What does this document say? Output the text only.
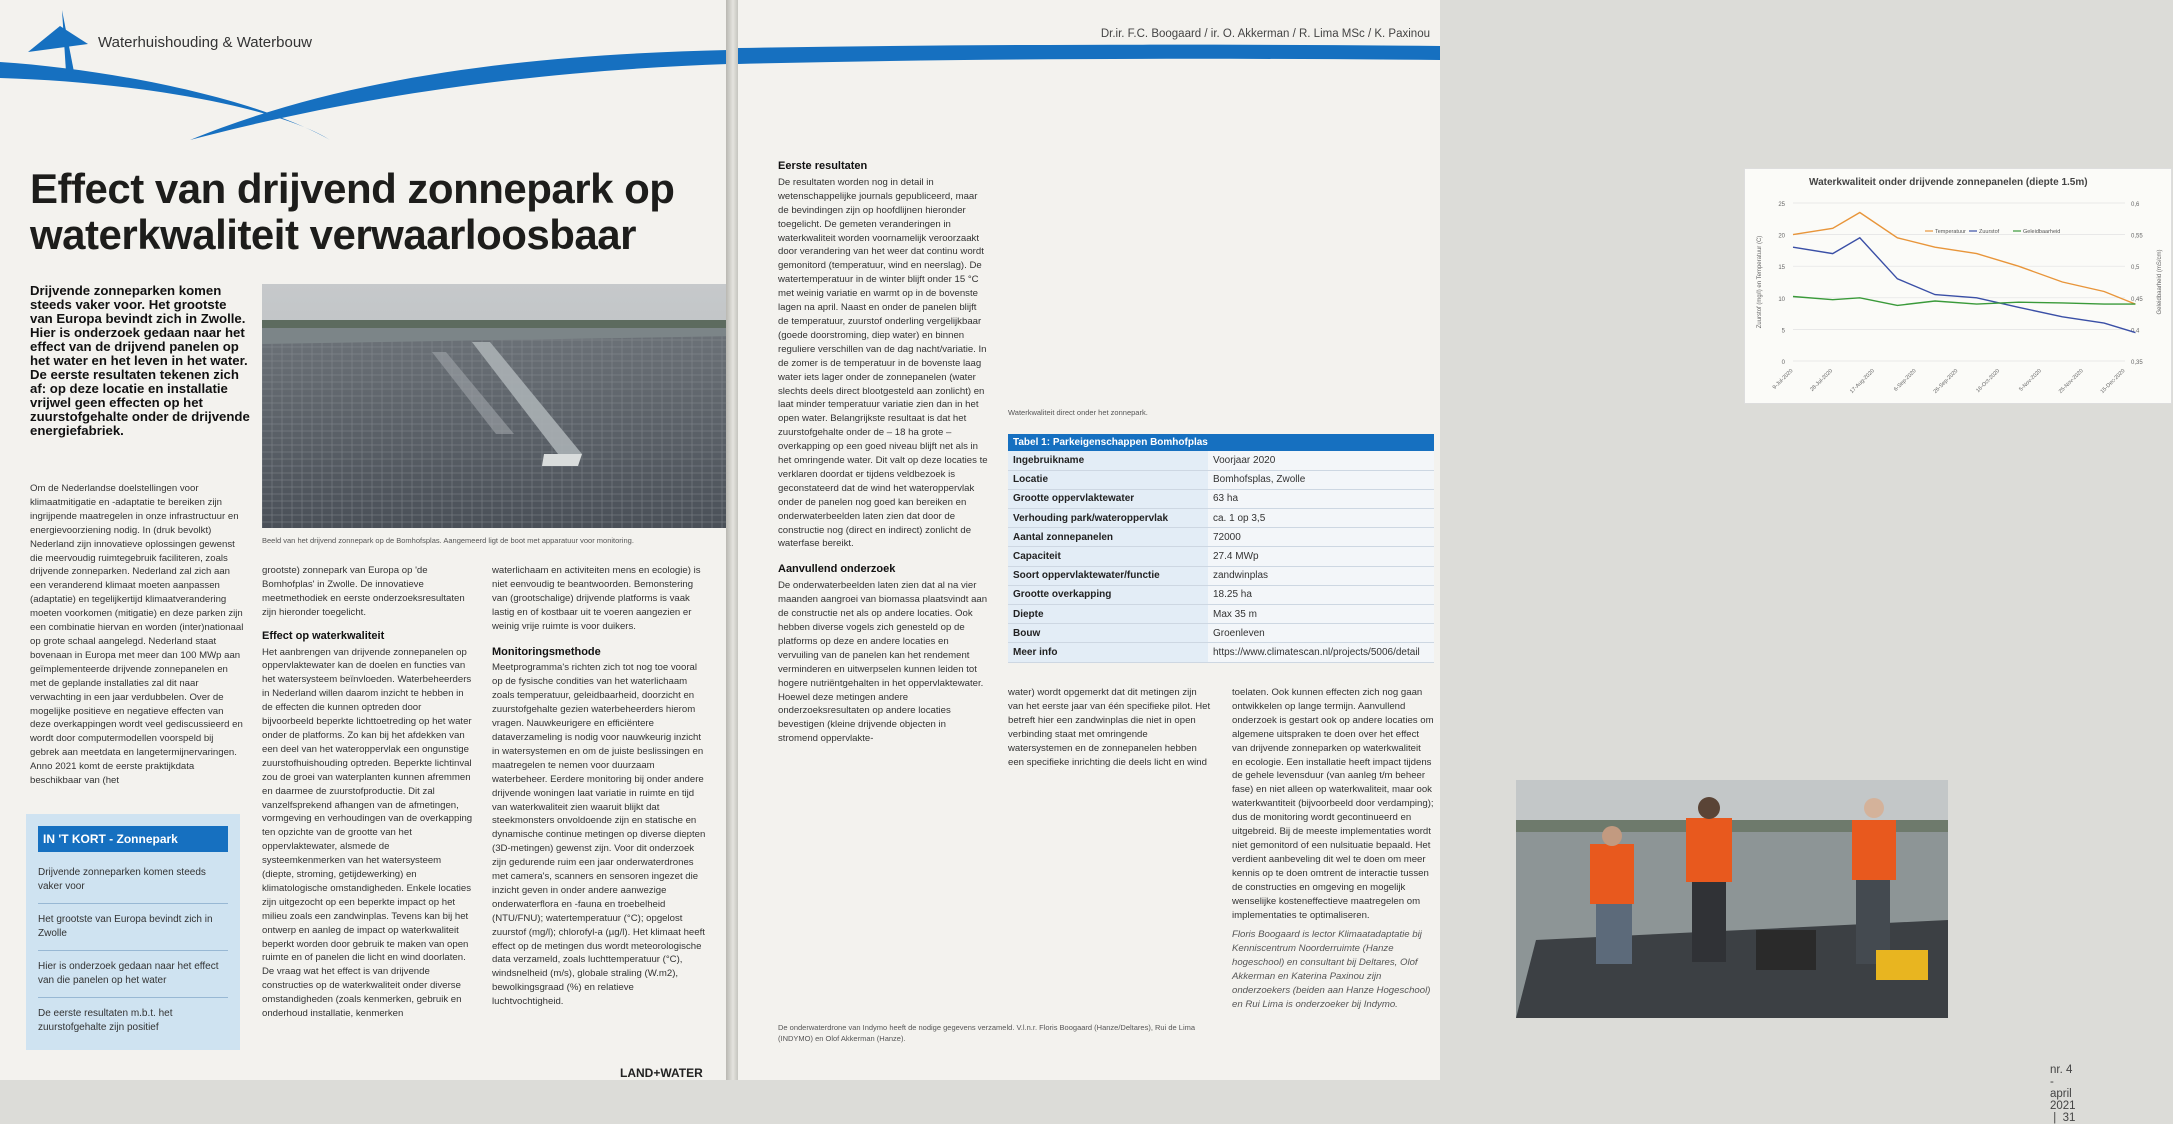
Waterhuishouding & Waterbouw
Effect van drijvend zonnepark op
waterkwaliteit verwaarloosbaar
Drijvende zonneparken komen steeds vaker voor. Het grootste van Europa bevindt zich in Zwolle. Hier is onderzoek gedaan naar het effect van de drijvend panelen op het water en het leven in het water. De eerste resultaten tekenen zich af: op deze locatie en installatie vrijwel geen effecten op het zuurstofgehalte onder de drijvende energiefabriek.
Beeld van het drijvend zonnepark op de Bomhofsplas. Aangemeerd ligt de boot met apparatuur voor monitoring.

Om de Nederlandse doelstellingen voor klimaatmitigatie en -adaptatie te bereiken zijn ingrijpende maatregelen in onze infrastructuur en energievoorziening nodig. In (druk bevolkt) Nederland zijn innovatieve oplossingen gewenst die meervoudig ruimtegebruik faciliteren, zoals drijvende zonneparken. Nederland zal zich aan een veranderend klimaat moeten aanpassen (adaptatie) en tegelijkertijd klimaatverandering moeten voorkomen (mitigatie) en deze parken zijn een combinatie hiervan en worden (inter)nationaal op grote schaal aangelegd. Nederland staat bovenaan in Europa met meer dan 100 MWp aan geïmplementeerde drijvende zonnepanelen en met de geplande installaties zal dit naar verwachting in een jaar verdubbelen. Over de mogelijke positieve en negatieve effecten van deze overkappingen wordt veel gediscussieerd en wordt door computermodellen voorspeld bij gebrek aan meetdata en langetermijnervaringen. Anno 2021 komt de eerste praktijkdata beschikbaar van (het

IN 'T KORT - Zonnepark
Drijvende zonneparken komen steeds vaker voor
Het grootste van Europa bevindt zich in Zwolle
Hier is onderzoek gedaan naar het effect van die panelen op het water
De eerste resultaten m.b.t. het zuurstofgehalte zijn positief

grootste) zonnepark van Europa op 'de Bomhofplas' in Zwolle. De innovatieve meetmethodiek en eerste onderzoeksresultaten zijn hieronder toegelicht.

Effect op waterkwaliteit

Het aanbrengen van drijvende zonnepanelen op oppervlaktewater kan de doelen en functies van het watersysteem beïnvloeden. Waterbeheerders in Nederland willen daarom inzicht te hebben in de effecten die kunnen optreden door bijvoorbeeld beperkte lichttoetreding op het water onder de platforms. Zo kan bij het afdekken van een deel van het wateroppervlak een ongunstige zuurstofhuishouding optreden. Beperkte lichtinval zou de groei van waterplanten kunnen afremmen en daarmee de zuurstofproductie. Dit zal vanzelfsprekend afhangen van de afmetingen, vormgeving en verhoudingen van de overkapping ten opzichte van de grootte van het oppervlaktewater, alsmede de systeemkenmerken van het watersysteem (diepte, stroming, getijdewerking) en klimatologische omstandigheden. Enkele locaties zijn uitgezocht op een beperkte impact op het milieu zoals een zandwinplas. Tevens kan bij het ontwerp en aanleg de impact op waterkwaliteit beperkt worden door gebruik te maken van open ruimte en of panelen die licht en wind doorlaten. De vraag wat het effect is van drijvende constructies op de waterkwaliteit onder diverse omstandigheden (zoals kenmerken, gebruik en onderhoud installatie, kenmerken

waterlichaam en activiteiten mens en ecologie) is niet eenvoudig te beantwoorden. Bemonstering van (grootschalige) drijvende platforms is vaak lastig en of kostbaar uit te voeren aangezien er weinig vrije ruimte is voor duikers.

Monitoringsmethode

Meetprogramma's richten zich tot nog toe vooral op de fysische condities van het waterlichaam zoals temperatuur, geleidbaarheid, doorzicht en zuurstofgehalte gezien waterbeheerders hierom vragen. Nauwkeurigere en efficiëntere dataverzameling is nodig voor nauwkeurig inzicht in watersystemen en om de juiste beslissingen en maatregelen te nemen voor duurzaam waterbeheer. Eerdere monitoring bij onder andere drijvende woningen laat variatie in ruimte en tijd van waterkwaliteit zien waaruit blijkt dat steekmonsters onvoldoende zijn en statische en dynamische continue metingen op diverse diepten (3D-metingen) gewenst zijn. Voor dit onderzoek zijn gedurende ruim een jaar onderwaterdrones met camera's, scanners en sensoren ingezet die inzicht geven in onder andere aanwezige onderwaterflora en -fauna en troebelheid (NTU/FNU); watertemperatuur (°C); opgelost zuurstof (mg/l); chlorofyl-a (µg/l). Het klimaat heeft effect op de metingen dus wordt meteorologische data verzameld, zoals luchttemperatuur (°C), windsnelheid (m/s), globale straling (W.m2), bewolkingsgraad (%) en relatieve luchtvochtigheid.

LAND+WATER
Dr.ir. F.C. Boogaard / ir. O. Akkerman / R. Lima MSc / K. Paxinou
Eerste resultaten

De resultaten worden nog in detail in wetenschappelijke journals gepubliceerd, maar de bevindingen zijn op hoofdlijnen hieronder toegelicht. De gemeten veranderingen in waterkwaliteit worden voornamelijk veroorzaakt door verandering van het weer dat continu wordt gemonitord (temperatuur, wind en neerslag). De watertemperatuur in de winter blijft onder 15 °C met weinig variatie en warmt op in de bovenste lagen na april. Naast en onder de panelen blijft de temperatuur, zuurstof onderling vergelijkbaar (goede doorstroming, diep water) en binnen reguliere verschillen van de dag nacht/variatie. In de zomer is de temperatuur in de bovenste laag water iets lager onder de zonnepanelen (water slechts deels direct blootgesteld aan zonlicht) en laat minder temperatuur variatie zien dan in het open water. Belangrijkste resultaat is dat het zuurstofgehalte onder de – 18 ha grote – overkapping op een goed niveau blijft net als in het omringende water. Dit valt op deze locaties te verklaren doordat er tijdens veldbezoek is geconstateerd dat de wind het wateroppervlak onder de panelen nog goed kan bereiken en onderwaterbeelden laten zien dat door de constructie nog (direct en indirect) zonlicht de waterfase bereikt.

Aanvullend onderzoek

De onderwaterbeelden laten zien dat al na vier maanden aangroei van biomassa plaatsvindt aan de constructie net als op andere locaties. Ook hebben diverse vogels zich genesteld op de platforms op deze en andere locaties en vervuiling van de panelen kan het rendement verminderen en uitwerpselen kunnen leiden tot hogere nutriëntgehalten in het oppervlaktewater. Hoewel deze metingen andere onderzoeksresultaten op andere locaties bevestigen (kleine drijvende objecten in stromend oppervlakte-

water) wordt opgemerkt dat dit metingen zijn van het eerste jaar van één specifieke pilot. Het betreft hier een zandwinplas die niet in open verbinding staat met omringende watersystemen en de zonnepanelen hebben een specifieke inrichting die deels licht en wind

toelaten. Ook kunnen effecten zich nog gaan ontwikkelen op lange termijn. Aanvullend onderzoek is gestart ook op andere locaties om algemene uitspraken te doen over het effect van drijvende zonneparken op waterkwaliteit en ecologie. Een installatie heeft impact tijdens de gehele levensduur (van aanleg t/m beheer fase) en niet alleen op waterkwaliteit, maar ook waterkwantiteit (bijvoorbeeld door verdamping); dus de monitoring wordt gecontinueerd en uitgebreid. Bij de meeste implementaties wordt niet gemonitord of een nulsituatie bepaald. Het verdient aanbeveling dit wel te doen om meer kennis op te doen omtrent de interactie tussen de constructies en omgeving en mogelijk wenselijke kosteneffectieve maatregelen om implementaties te optimaliseren.

Floris Boogaard is lector Klimaatadaptatie bij Kenniscentrum Noorderruimte (Hanze hogeschool) en consultant bij Deltares, Olof Akkerman en Katerina Paxinou zijn onderzoekers (beiden aan Hanze Hogeschool) en Rui Lima is onderzoeker bij Indymo.

De onderwaterdrone van Indymo heeft de nodige gegevens verzameld. V.l.n.r. Floris Boogaard (Hanze/Deltares), Rui de Lima (INDYMO) en Olof Akkerman (Hanze).
Waterkwaliteit onder drijvende zonnepanelen (diepte 1.5m)
0
5
10
15
20
25
0,35
0,4
0,45
0,5
0,55
0,6
9-Jul-2020	28-Jul-2020	17-Aug-2020	6-Sep-2020	26-Sep-2020	16-Oct-2020	5-Nov-2020	25-Nov-2020	15-Dec-2020
Zuurstof (mg/l) en Temperatuur (C)	Geleidbaarheid (mS/cm)
Temperatuur Zuurstof	Geleidbaarheid
Waterkwaliteit direct onder het zonnepark.
Tabel 1: Parkeigenschappen Bomhofplas	
Ingebruikname	Voorjaar 2020
Locatie	Bomhofsplas, Zwolle
Grootte oppervlaktewater	63 ha
Verhouding park/wateroppervlak	ca. 1 op 3,5
Aantal zonnepanelen	72000
Capaciteit	27.4 MWp
Soort oppervlaktewater/functie	zandwinplas
Grootte overkapping	18.25 ha
Diepte	Max 35 m
Bouw	Groenleven
Meer info	https://www.climatescan.nl/projects/5006/detail
nr. 4 - april 2021  |  31
